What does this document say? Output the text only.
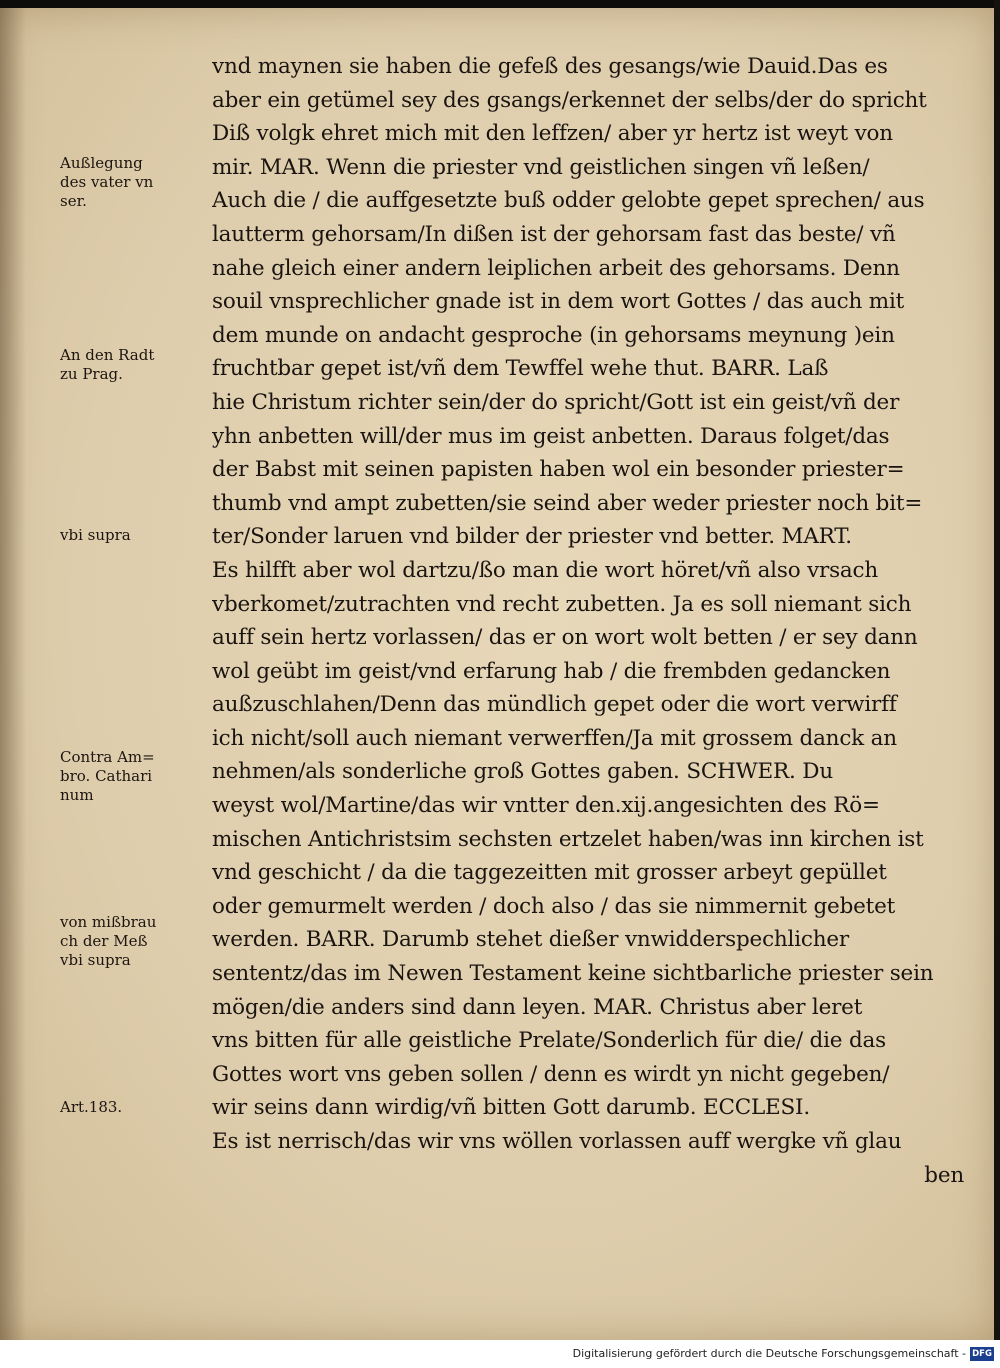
vnd maynen sie haben die gefeß des gesangs/wie Dauid.Das es
aber ein getümel sey des gsangs/erkennet der selbs/der do spricht
Diß volgk ehret mich mit den leffzen/ aber yr hertz ist weyt von
mir. MAR. Wenn die priester vnd geistlichen singen vñ leßen/
Auch die / die auffgesetzte buß odder gelobte gepet sprechen/ aus
lautterm gehorsam/In dißen ist der gehorsam fast das beste/ vñ
nahe gleich einer andern leiplichen arbeit des gehorsams. Denn
souil vnsprechlicher gnade ist in dem wort Gottes / das auch mit
dem munde on andacht gesproche (in gehorsams meynung )ein
fruchtbar gepet ist/vñ dem Tewffel wehe thut. BARR. Laß
hie Christum richter sein/der do spricht/Gott ist ein geist/vñ der
yhn anbetten will/der mus im geist anbetten. Daraus folget/das
der Babst mit seinen papisten haben wol ein besonder priester=
thumb vnd ampt zubetten/sie seind aber weder priester noch bit=
ter/Sonder laruen vnd bilder der priester vnd better. MART.
Es hilfft aber wol dartzu/ßo man die wort höret/vñ also vrsach
vberkomet/zutrachten vnd recht zubetten. Ja es soll niemant sich
auff sein hertz vorlassen/ das er on wort wolt betten / er sey dann
wol geübt im geist/vnd erfarung hab / die frembden gedancken
außzuschlahen/Denn das mündlich gepet oder die wort verwirff
ich nicht/soll auch niemant verwerffen/Ja mit grossem danck an
nehmen/als sonderliche groß Gottes gaben. SCHWER. Du
weyst wol/Martine/das wir vntter den.xij.angesichten des Rö=
mischen Antichristsim sechsten ertzelet haben/was inn kirchen ist
vnd geschicht / da die taggezeitten mit grosser arbeyt gepüllet
oder gemurmelt werden / doch also / das sie nimmernit gebetet
werden. BARR. Darumb stehet dießer vnwidderspechlicher
sententz/das im Newen Testament keine sichtbarliche priester sein
mögen/die anders sind dann leyen. MAR. Christus aber leret
vns bitten für alle geistliche Prelate/Sonderlich für die/ die das
Gottes wort vns geben sollen / denn es wirdt yn nicht gegeben/
wir seins dann wirdig/vñ bitten Gott darumb. ECCLESI.
Es ist nerrisch/das wir vns wöllen vorlassen auff wergke vñ glau
ben
Außlegung
des vater vn
ser.
An den Radt
zu Prag.
vbi supra
Contra Am=
bro. Cathari
num
von mißbrau
ch der Meß
vbi supra
Art.183.
Digitalisierung gefördert durch die Deutsche Forschungsgemeinschaft - DFG
